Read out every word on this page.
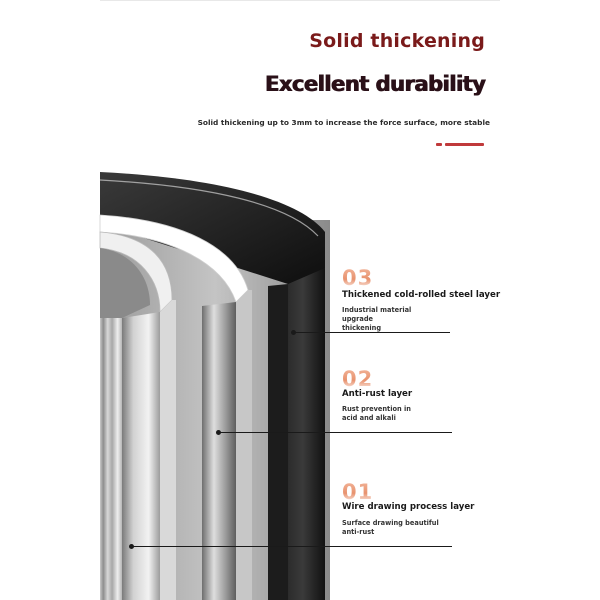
Solid thickening
Excellent durability
Solid thickening up to 3mm to increase the force surface, more stable
03
Thickened cold-rolled steel layer
Industrial material upgrade
thickening
02
Anti-rust layer
Rust prevention in
acid and alkali
01
Wire drawing process layer
Surface drawing beautiful
anti-rust
